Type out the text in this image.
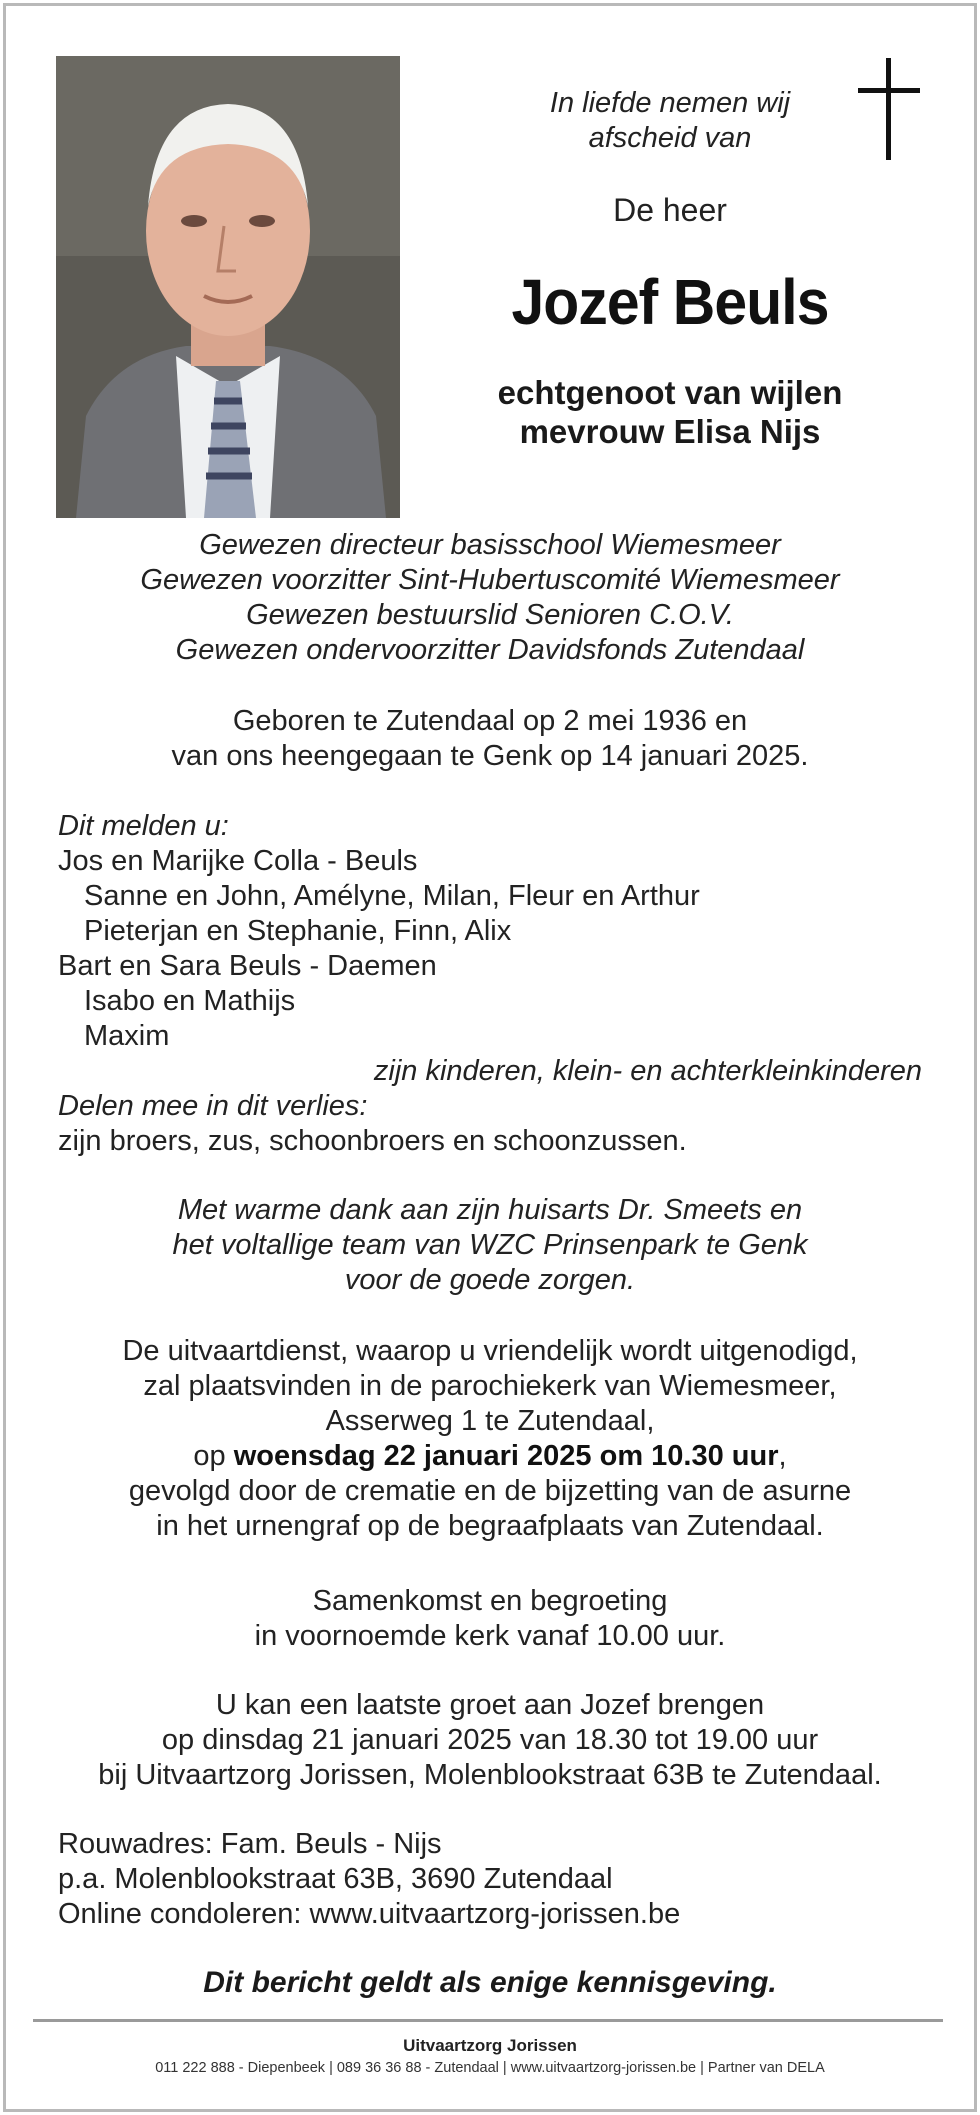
In liefde nemen wij
afscheid van
De heer
Jozef Beuls
echtgenoot van wijlen
mevrouw Elisa Nijs
Gewezen directeur basisschool Wiemesmeer
Gewezen voorzitter Sint-Hubertuscomité Wiemesmeer
Gewezen bestuurslid Senioren C.O.V.
Gewezen ondervoorzitter Davidsfonds Zutendaal
Geboren te Zutendaal op 2 mei 1936 en
van ons heengegaan te Genk op 14 januari 2025.
Dit melden u:
Jos en Marijke Colla - Beuls
Sanne en John, Amélyne, Milan, Fleur en Arthur
Pieterjan en Stephanie, Finn, Alix
Bart en Sara Beuls - Daemen
Isabo en Mathijs
Maxim
zijn kinderen, klein- en achterkleinkinderen
Delen mee in dit verlies:
zijn broers, zus, schoonbroers en schoonzussen.
Met warme dank aan zijn huisarts Dr. Smeets en
het voltallige team van WZC Prinsenpark te Genk
voor de goede zorgen.
De uitvaartdienst, waarop u vriendelijk wordt uitgenodigd,
zal plaatsvinden in de parochiekerk van Wiemesmeer,
Asserweg 1 te Zutendaal,
op woensdag 22 januari 2025 om 10.30 uur,
gevolgd door de crematie en de bijzetting van de asurne
in het urnengraf op de begraafplaats van Zutendaal.
Samenkomst en begroeting
in voornoemde kerk vanaf 10.00 uur.
U kan een laatste groet aan Jozef brengen
op dinsdag 21 januari 2025 van 18.30 tot 19.00 uur
bij Uitvaartzorg Jorissen, Molenblookstraat 63B te Zutendaal.
Rouwadres: Fam. Beuls - Nijs
p.a. Molenblookstraat 63B, 3690 Zutendaal
Online condoleren: www.uitvaartzorg-jorissen.be
Dit bericht geldt als enige kennisgeving.
Uitvaartzorg Jorissen
011 222 888 - Diepenbeek | 089 36 36 88 - Zutendaal | www.uitvaartzorg-jorissen.be | Partner van DELA
